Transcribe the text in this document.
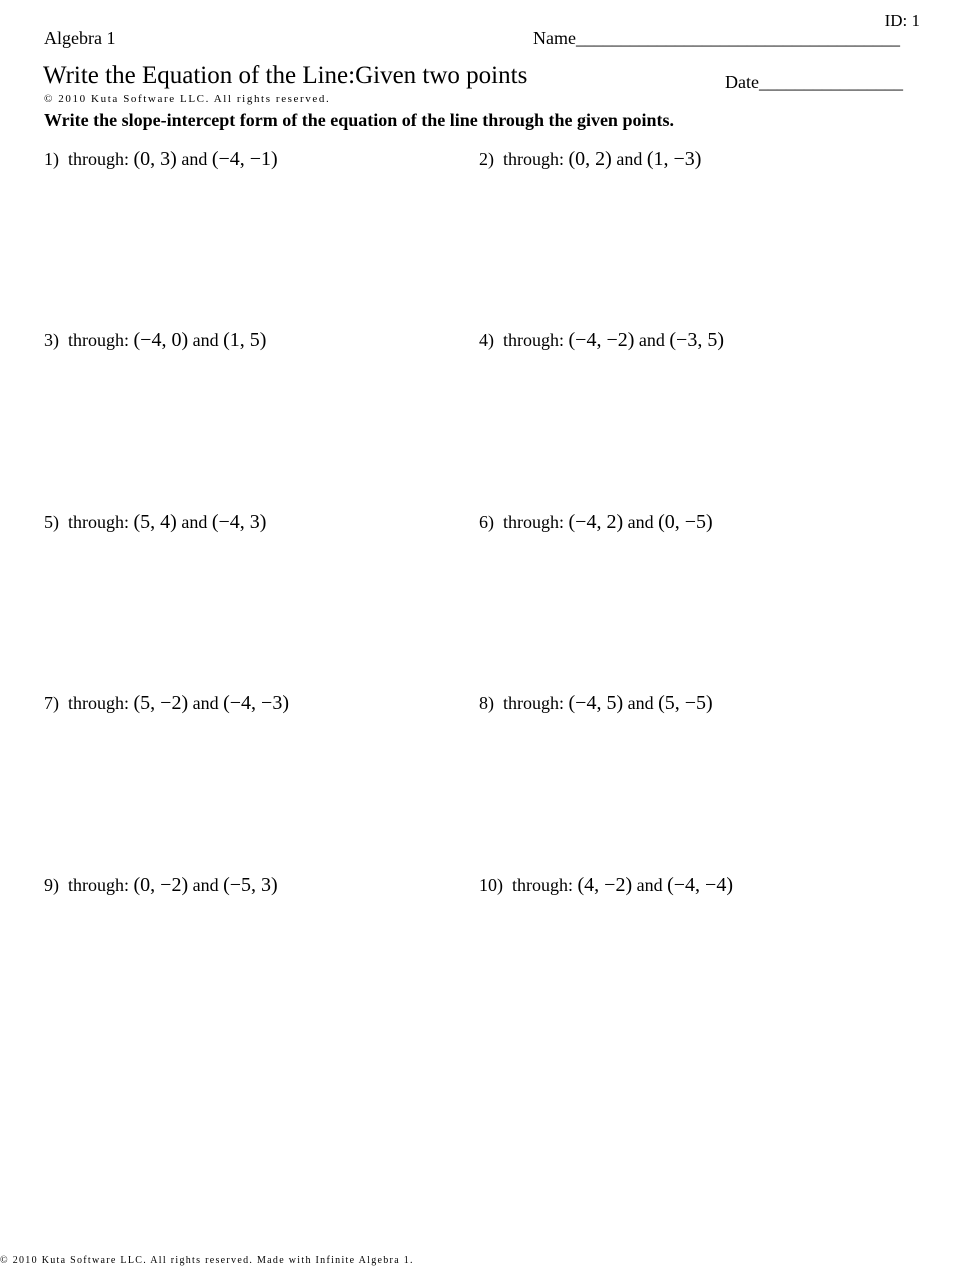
ID: 1
Algebra 1	Name____________________________________
Write the Equation of the Line:Given two points	Date________________
© 2010 Kuta Software LLC. All rights reserved.
Write the slope-intercept form of the equation of the line through the given points.
1) through: (0, 3) and (−4, −1)	2) through: (0, 2) and (1, −3)
3) through: (−4, 0) and (1, 5)	4) through: (−4, −2) and (−3, 5)
5) through: (5, 4) and (−4, 3)	6) through: (−4, 2) and (0, −5)
7) through: (5, −2) and (−4, −3)	8) through: (−4, 5) and (5, −5)
9) through: (0, −2) and (−5, 3)	10) through: (4, −2) and (−4, −4)
© 2010 Kuta Software LLC. All rights reserved. Made with Infinite Algebra 1.
